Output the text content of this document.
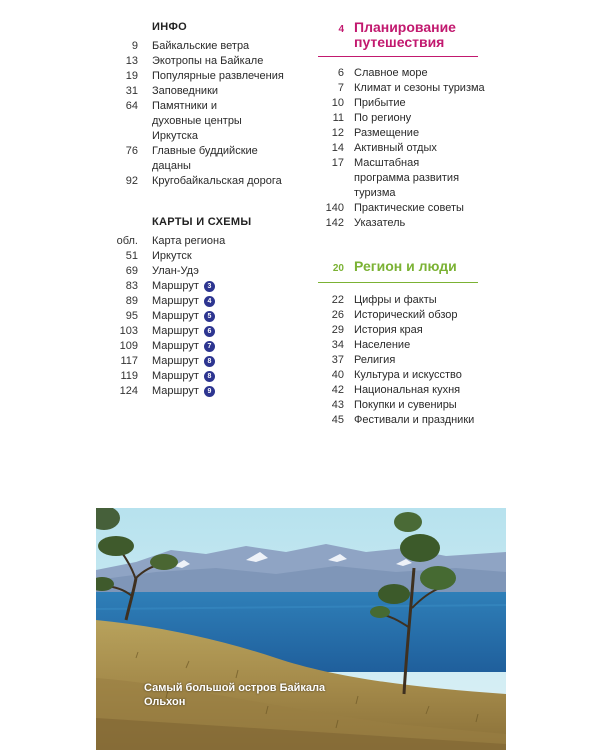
ИНФО
9 Байкальские ветра
13 Экотропы на Байкале
19 Популярные развлечения
31 Заповедники
64 Памятники и духовные центры Иркутска
76 Главные буддийские дацаны
92 Кругобайкальская дорога
КАРТЫ И СХЕМЫ
обл. Карта региона
51 Иркутск
69 Улан-Удэ
83 Маршрут	3
89 Маршрут	4
95 Маршрут	5
103 Маршрут	6
109 Маршрут	7
117 Маршрут	8
119 Маршрут	8
124 Маршрут	9
4 Планирование
путешествия
6 Славное море
7 Климат и сезоны туризма
10 Прибытие
11 По региону
12 Размещение
14 Активный отдых
17 Масштабная программа развития туризма
140 Практические советы
142 Указатель
20 Регион и люди
22 Цифры и факты
26 Исторический обзор
29 История края
34 Население
37 Религия
40 Культура и искусство
42 Национальная кухня
43 Покупки и сувениры
45 Фестивали и праздники
Самый большой остров Байкала
Ольхон
